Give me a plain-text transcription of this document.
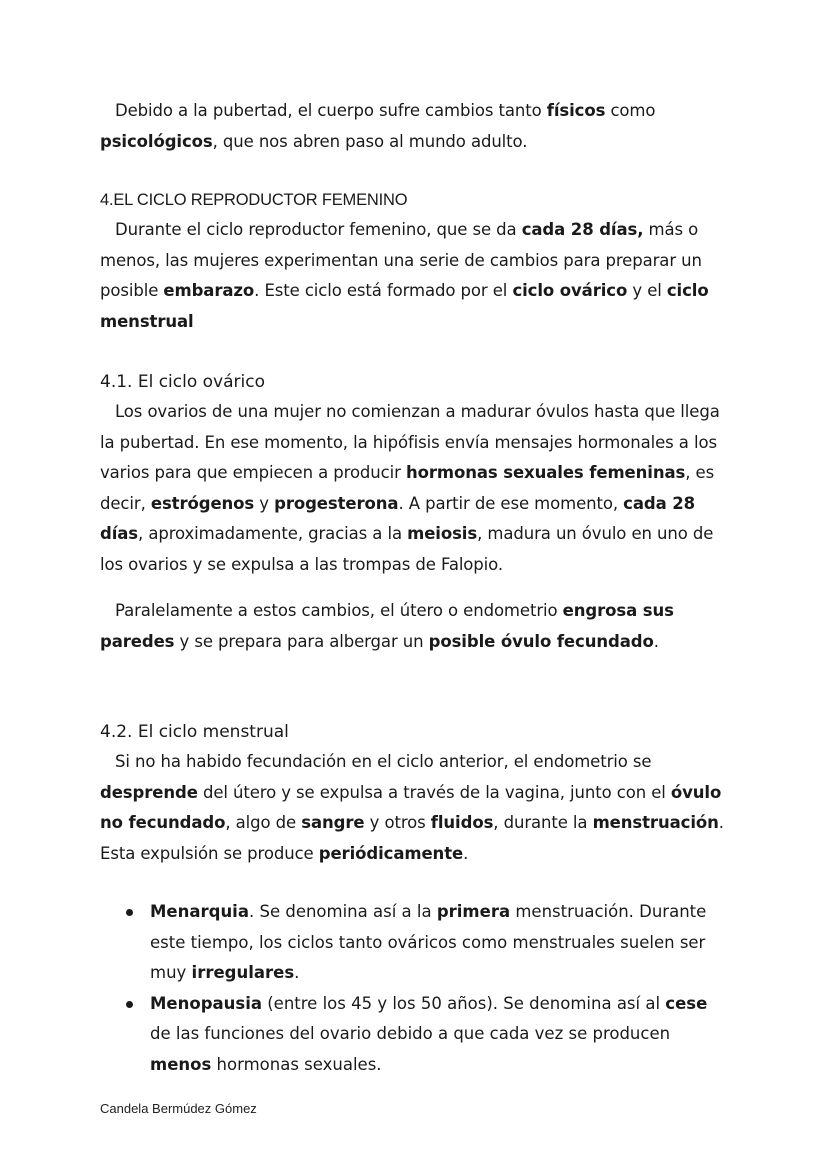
Debido a la pubertad, el cuerpo sufre cambios tanto físicos como psicológicos, que nos abren paso al mundo adulto.

4.EL CICLO REPRODUCTOR FEMENINO

Durante el ciclo reproductor femenino, que se da cada 28 días, más o menos, las mujeres experimentan una serie de cambios para preparar un posible embarazo. Este ciclo está formado por el ciclo ovárico y el ciclo menstrual

4.1. El ciclo ovárico

Los ovarios de una mujer no comienzan a madurar óvulos hasta que llega la pubertad. En ese momento, la hipófisis envía mensajes hormonales a los varios para que empiecen a producir hormonas sexuales femeninas, es decir, estrógenos y progesterona. A partir de ese momento, cada 28 días, aproximadamente, gracias a la meiosis, madura un óvulo en uno de los ovarios y se expulsa a las trompas de Falopio.

Paralelamente a estos cambios, el útero o endometrio engrosa sus paredes y se prepara para albergar un posible óvulo fecundado.

4.2. El ciclo menstrual

Si no ha habido fecundación en el ciclo anterior, el endometrio se desprende del útero y se expulsa a través de la vagina, junto con el óvulo no fecundado, algo de sangre y otros fluidos, durante la menstruación. Esta expulsión se produce periódicamente.

Menarquia. Se denomina así a la primera menstruación. Durante este tiempo, los ciclos tanto ováricos como menstruales suelen ser muy irregulares.
Menopausia (entre los 45 y los 50 años). Se denomina así al cese de las funciones del ovario debido a que cada vez se producen menos hormonas sexuales.
Candela Bermúdez Gómez
